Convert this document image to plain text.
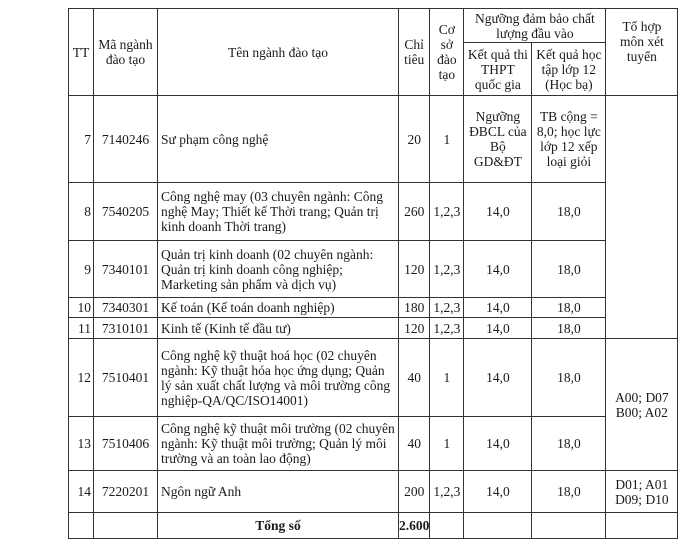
TT	Mã ngành đào tạo	Tên ngành đào tạo	Chỉ tiêu	Cơ sở đào tạo	Ngưỡng đảm bảo chất lượng đầu vào		Tổ hợp môn xét tuyển
					Kết quả thi THPT quốc gia	Kết quả học tập lớp 12 (Học bạ)	
7	7140246	Sư phạm công nghệ	20	1	Ngưỡng ĐBCL của Bộ GD&ĐT	TB cộng = 8,0; học lực lớp 12 xếp loại giỏi	
8	7540205	Công nghệ may (03 chuyên ngành: Công nghệ May; Thiết kế Thời trang; Quản trị kinh doanh Thời trang)	260	1,2,3	14,0	18,0	
9	7340101	Quản trị kinh doanh (02 chuyên ngành: Quản trị kinh doanh công nghiệp; Marketing sản phẩm và dịch vụ)	120	1,2,3	14,0	18,0	
10	7340301	Kế toán (Kế toán doanh nghiệp)	180	1,2,3	14,0	18,0	
11	7310101	Kinh tế (Kinh tế đầu tư)	120	1,2,3	14,0	18,0	
12	7510401	Công nghệ kỹ thuật hoá học (02 chuyên ngành: Kỹ thuật hóa học ứng dụng; Quản lý sản xuất chất lượng và môi trường công nghiệp-QA/QC/ISO14001)	40	1	14,0	18,0	A00; D07 B00; A02
13	7510406	Công nghệ kỹ thuật môi trường (02 chuyên ngành: Kỹ thuật môi trường; Quản lý môi trường và an toàn lao động)	40	1	14,0	18,0	
14	7220201	Ngôn ngữ Anh	200	1,2,3	14,0	18,0	D01; A01 D09; D10
		Tổng số	2.600				
